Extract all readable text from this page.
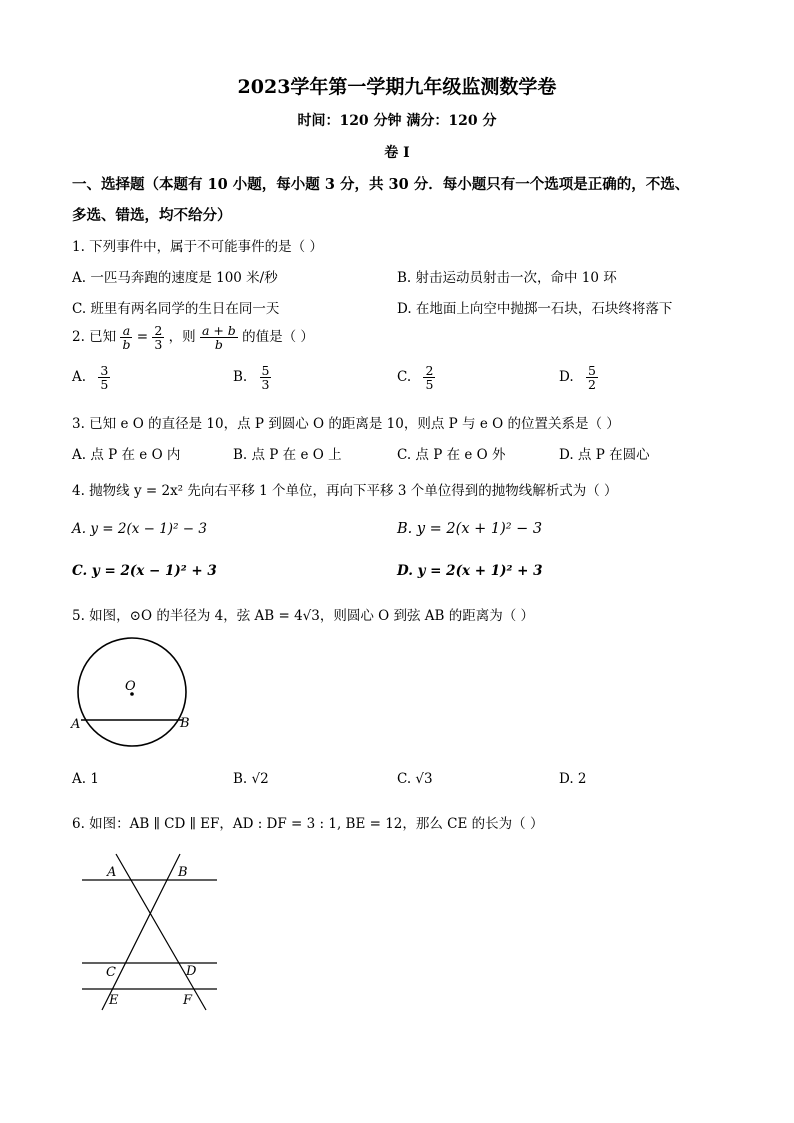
2023学年第一学期九年级监测数学卷
时间：120 分钟 满分：120 分
卷 I
一、选择题（本题有 10 小题，每小题 3 分，共 30 分．每小题只有一个选项是正确的，不选、
多选、错选，均不给分）
1. 下列事件中，属于不可能事件的是（ ）
A. 一匹马奔跑的速度是 100 米/秒	B. 射击运动员射击一次，命中 10 环
C. 班里有两名同学的生日在同一天	D. 在地面上向空中抛掷一石块，石块终将落下
2. 已知 $\frac{a}{b} = \frac{2}{3}$ ，则 $\frac{a + b}{b}$ 的值是（ ）
A. $\frac{3}{5}$	B. $\frac{5}{3}$	C. $\frac{2}{5}$	D. $\frac{5}{2}$
3. 已知 e O 的直径是 10，点 P 到圆心 O 的距离是 10，则点 P 与 e O 的位置关系是（ ）
A. 点 P 在 e O 内	B. 点 P 在 e O 上	C. 点 P 在 e O 外	D. 点 P 在圆心
4. 抛物线 y = 2x² 先向右平移 1 个单位，再向下平移 3 个单位得到的抛物线解析式为（ ）
A. y = 2(x − 1)² − 3	B. y = 2(x + 1)² − 3
C. y = 2(x − 1)² + 3	D. y = 2(x + 1)² + 3
5. 如图，⊙O 的半径为 4，弦 AB = 4√3，则圆心 O 到弦 AB 的距离为（ ）
O
A	B
A. 1	B. √2	C. √3	D. 2
6. 如图：AB ∥ CD ∥ EF，AD : DF = 3 : 1, BE = 12，那么 CE 的长为（ ）
A	B
C	D
E	F
